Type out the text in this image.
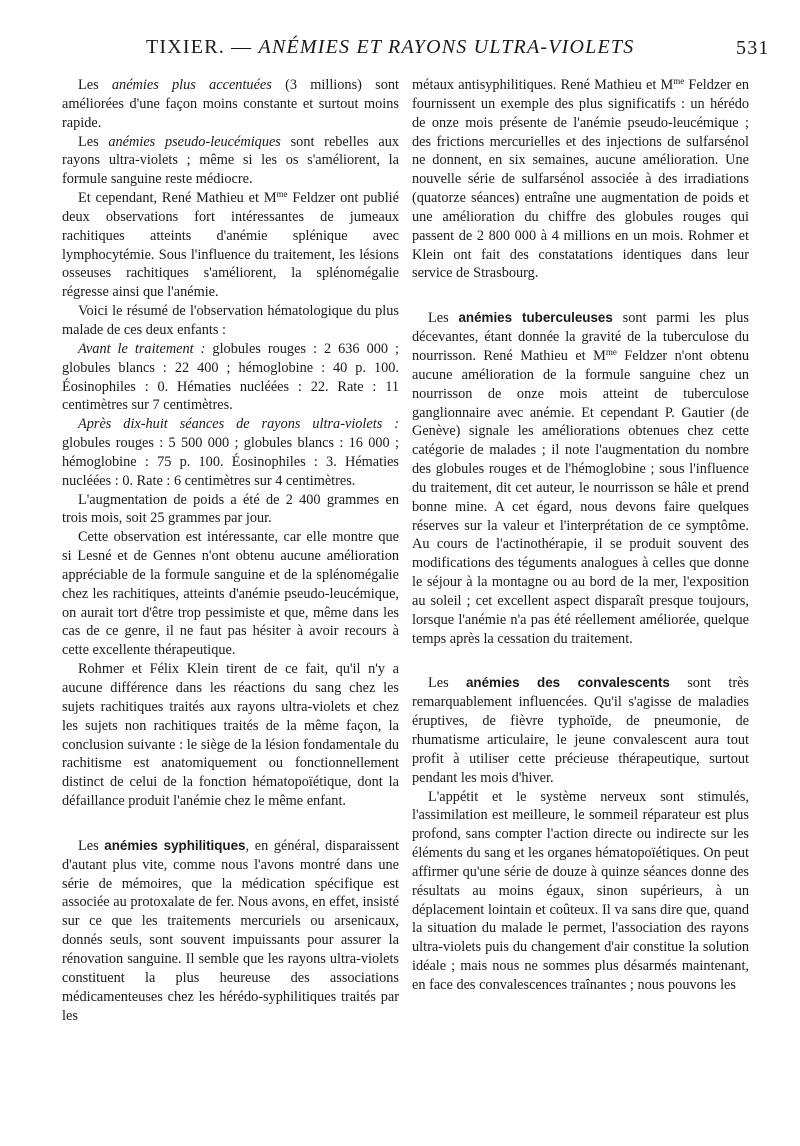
TIXIER. — ANÉMIES ET RAYONS ULTRA-VIOLETS	531

Les anémies plus accentuées (3 millions) sont améliorées d'une façon moins constante et surtout moins rapide.

Les anémies pseudo-leucémiques sont rebelles aux rayons ultra-violets ; même si les os s'améliorent, la formule sanguine reste médiocre.

Et cependant, René Mathieu et $M^{me}$ Feldzer ont publié deux observations fort intéressantes de jumeaux rachitiques atteints d'anémie splénique avec lymphocytémie. Sous l'influence du traitement, les lésions osseuses rachitiques s'améliorent, la splénomégalie régresse ainsi que l'anémie.

Voici le résumé de l'observation hématologique du plus malade de ces deux enfants :

Avant le traitement : globules rouges : 2 636 000 ; globules blancs : 22 400 ; hémoglobine : 40 p. 100. Éosinophiles : 0. Hématies nucléées : 22. Rate : 11 centimètres sur 7 centimètres.

Après dix-huit séances de rayons ultra-violets : globules rouges : 5 500 000 ; globules blancs : 16 000 ; hémoglobine : 75 p. 100. Éosinophiles : 3. Hématies nucléées : 0. Rate : 6 centimètres sur 4 centimètres.

L'augmentation de poids a été de 2 400 grammes en trois mois, soit 25 grammes par jour.

Cette observation est intéressante, car elle montre que si Lesné et de Gennes n'ont obtenu aucune amélioration appréciable de la formule sanguine et de la splénomégalie chez les rachitiques, atteints d'anémie pseudo-leucémique, on aurait tort d'être trop pessimiste et que, même dans les cas de ce genre, il ne faut pas hésiter à avoir recours à cette excellente thérapeutique.

Rohmer et Félix Klein tirent de ce fait, qu'il n'y a aucune différence dans les réactions du sang chez les sujets rachitiques traités aux rayons ultra-violets et chez les sujets non rachitiques traités de la même façon, la conclusion suivante : le siège de la lésion fondamentale du rachitisme est anatomiquement ou fonctionnellement distinct de celui de la fonction hématopoïétique, dont la défaillance produit l'anémie chez le même enfant.

Les anémies syphilitiques, en général, disparaissent d'autant plus vite, comme nous l'avons montré dans une série de mémoires, que la médication spécifique est associée au protoxalate de fer. Nous avons, en effet, insisté sur ce que les traitements mercuriels ou arsenicaux, donnés seuls, sont souvent impuissants pour assurer la rénovation sanguine. Il semble que les rayons ultra-violets constituent la plus heureuse des associations médicamenteuses chez les hérédo-syphilitiques traités par les

métaux antisyphilitiques. René Mathieu et $M^{me}$ Feldzer en fournissent un exemple des plus significatifs : un hérédo de onze mois présente de l'anémie pseudo-leucémique ; des frictions mercurielles et des injections de sulfarsénol ne donnent, en six semaines, aucune amélioration. Une nouvelle série de sulfarsénol associée à des irradiations (quatorze séances) entraîne une augmentation de poids et une amélioration du chiffre des globules rouges qui passent de 2 800 000 à 4 millions en un mois. Rohmer et Klein ont fait des constatations identiques dans leur service de Strasbourg.

Les anémies tuberculeuses sont parmi les plus décevantes, étant donnée la gravité de la tuberculose du nourrisson. René Mathieu et $M^{me}$ Feldzer n'ont obtenu aucune amélioration de la formule sanguine chez un nourrisson de onze mois atteint de tuberculose ganglionnaire avec anémie. Et cependant P. Gautier (de Genève) signale les améliorations obtenues chez cette catégorie de malades ; il note l'augmentation du nombre des globules rouges et de l'hémoglobine ; sous l'influence du traitement, dit cet auteur, le nourrisson se hâle et prend bonne mine. A cet égard, nous devons faire quelques réserves sur la valeur et l'interprétation de ce symptôme. Au cours de l'actinothérapie, il se produit souvent des modifications des téguments analogues à celles que donne le séjour à la montagne ou au bord de la mer, l'exposition au soleil ; cet excellent aspect disparaît presque toujours, lorsque l'anémie n'a pas été réellement améliorée, quelque temps après la cessation du traitement.

Les anémies des convalescents sont très remarquablement influencées. Qu'il s'agisse de maladies éruptives, de fièvre typhoïde, de pneumonie, de rhumatisme articulaire, le jeune convalescent aura tout profit à utiliser cette précieuse thérapeutique, surtout pendant les mois d'hiver.

L'appétit et le système nerveux sont stimulés, l'assimilation est meilleure, le sommeil réparateur est plus profond, sans compter l'action directe ou indirecte sur les éléments du sang et les organes hématopoïétiques. On peut affirmer qu'une série de douze à quinze séances donne des résultats au moins égaux, sinon supérieurs, à un déplacement lointain et coûteux. Il va sans dire que, quand la situation du malade le permet, l'association des rayons ultra-violets puis du changement d'air constitue la solution idéale ; mais nous ne sommes plus désarmés maintenant, en face des convalescences traînantes ; nous pouvons les
